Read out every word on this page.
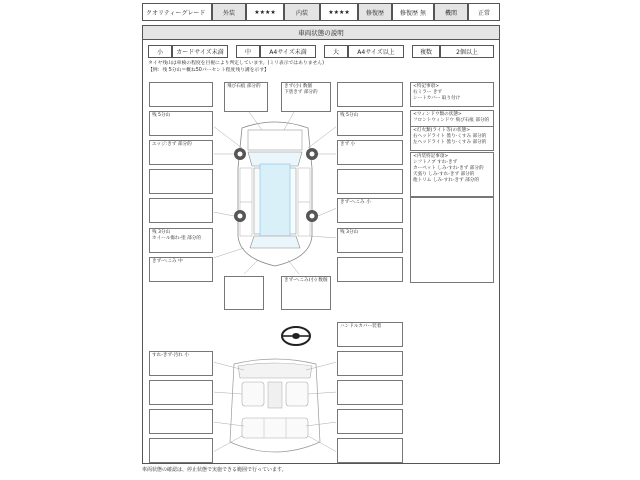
クオリティーグレード	外装	★★★★	内装	★★★★	修復歴	修復歴 無	機関	正常
車両状態の説明
小 カードサイズ未満	中	A4サイズ未満	大	A4サイズ以上	複数	2個以上
タイヤ残山は車検の程度を目視により判定しています。(ミリ表示ではありません)
【例：残 5分山＝概ね50パーセント程度残り溝を示す】
残 5分山
エッジ:きず 部分的
残 3分山
ホイール傷れ-塗 部分的
きず-へこみ 中
飛び石痕 部分的	きず(小) 数個
下塗きず 部分的
きず-へこみ(小) 数個
残 5分山
きず 小
きず-へこみ 小
残 3分山
<特記事項>
右ミラー きず
シートカバー 取り付け
<ウィンドウ類の状態>
フロントウィンドウ 飛び石痕 部分的
<灯火類(ライト等)の状態>
右ヘッドライト 曇り-くすみ 部分的
左ヘッドライト 曇り-くすみ 部分的
<内装特記事項>
シフトノブ すれ-きず
カーペット しみ-すれ-きず 部分的
天張り しみ-すれ-きず 部分的
他トリム しみ-すれ-きず 部分的
すれ-きず-汚れ 小
ハンドルカバー装着
車両状態の確認は、停止状態で実施できる範囲で行っています。
